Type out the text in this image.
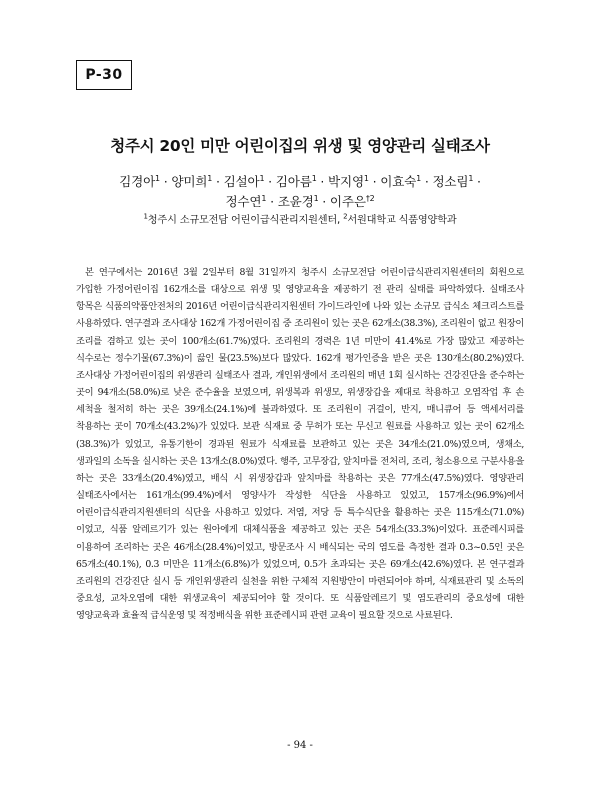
P-30
청주시 20인 미만 어린이집의 위생 및 영양관리 실태조사
김경아$^1$ · 양미희$^1$ · 김설아$^1$ · 김아름$^1$ · 박지영$^1$ · 이효숙$^1$ · 정소림$^1$ ·
정수연$^1$ · 조윤경$^1$ · 이주은$^{\dagger 2}$
$^1$청주시 소규모전담 어린이급식관리지원센터, $^2$서원대학교 식품영양학과
본 연구에서는 2016년 3월 2일부터 8월 31일까지 청주시 소규모전담 어린이급식관리지원센터의 회원으로 가입한 가정어린이집 162개소를 대상으로 위생 및 영양교육을 제공하기 전 관리 실태를 파악하였다. 실태조사 항목은 식품의약품안전처의 2016년 어린이급식관리지원센터 가이드라인에 나와 있는 소규모 급식소 체크리스트를 사용하였다. 연구결과 조사대상 162개 가정어린이집 중 조리원이 있는 곳은 62개소(38.3%), 조리원이 없고 원장이 조리를 겸하고 있는 곳이 100개소(61.7%)였다. 조리원의 경력은 1년 미만이 41.4%로 가장 많았고 제공하는 식수로는 정수기물(67.3%)이 끓인 물(23.5%)보다 많았다. 162개 평가인증을 받은 곳은 130개소(80.2%)였다. 조사대상 가정어린이집의 위생관리 실태조사 결과, 개인위생에서 조리원의 매년 1회 실시하는 건강진단을 준수하는 곳이 94개소(58.0%)로 낮은 준수율을 보였으며, 위생복과 위생모, 위생장갑을 제대로 착용하고 오염작업 후 손 세척을 철저히 하는 곳은 39개소(24.1%)에 불과하였다. 또 조리원이 귀걸이, 반지, 매니큐어 등 액세서리를 착용하는 곳이 70개소(43.2%)가 있었다. 보관 식재료 중 무허가 또는 무신고 원료를 사용하고 있는 곳이 62개소(38.3%)가 있었고, 유통기한이 경과된 원료가 식재료를 보관하고 있는 곳은 34개소(21.0%)였으며, 생채소, 생과일의 소독을 실시하는 곳은 13개소(8.0%)였다. 행주, 고무장갑, 앞치마를 전처리, 조리, 청소용으로 구분사용을 하는 곳은 33개소(20.4%)였고, 배식 시 위생장갑과 앞치마를 착용하는 곳은 77개소(47.5%)였다. 영양관리 실태조사에서는 161개소(99.4%)에서 영양사가 작성한 식단을 사용하고 있었고, 157개소(96.9%)에서 어린이급식관리지원센터의 식단을 사용하고 있었다. 저염, 저당 등 특수식단을 활용하는 곳은 115개소(71.0%)이었고, 식품 알레르기가 있는 원아에게 대체식품을 제공하고 있는 곳은 54개소(33.3%)이었다. 표준레시피를 이용하여 조리하는 곳은 46개소(28.4%)이었고, 방문조사 시 배식되는 국의 염도를 측정한 결과 0.3~0.5인 곳은 65개소(40.1%), 0.3 미만은 11개소(6.8%)가 있었으며, 0.5가 초과되는 곳은 69개소(42.6%)였다. 본 연구결과 조리원의 건강진단 실시 등 개인위생관리 실천을 위한 구체적 지원방안이 마련되어야 하며, 식재료관리 및 소독의 중요성, 교차오염에 대한 위생교육이 제공되어야 할 것이다. 또 식품알레르기 및 염도관리의 중요성에 대한 영양교육과 효율적 급식운영 및 적정배식을 위한 표준레시피 관련 교육이 필요할 것으로 사료된다.
- 94 -
